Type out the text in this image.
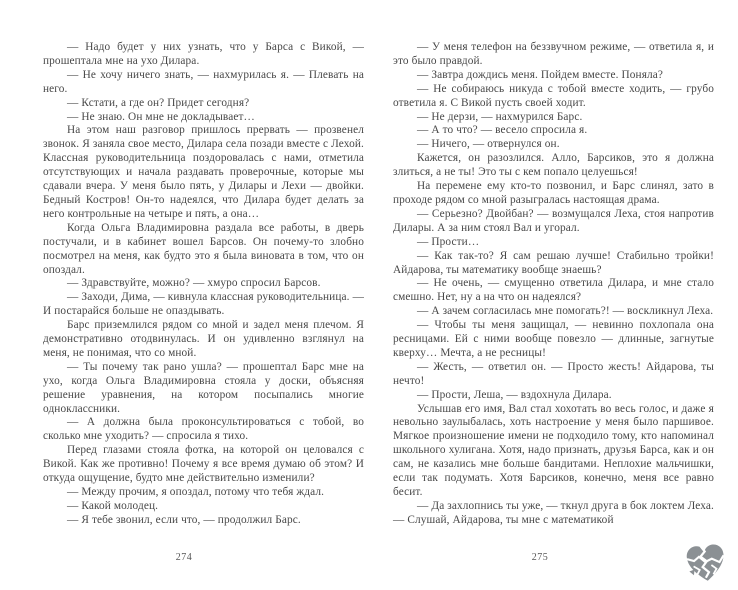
— Надо будет у них узнать, что у Барса с Викой, — прошептала мне на ухо Дилара.

— Не хочу ничего знать, — нахмурилась я. — Плевать на него.

— Кстати, а где он? Придет сегодня?

— Не знаю. Он мне не докладывает…

На этом наш разговор пришлось прервать — прозвенел звонок. Я заняла свое место, Дилара села позади вместе с Лехой. Классная руководительница поздоровалась с нами, отметила отсутствующих и начала раздавать проверочные, которые мы сдавали вчера. У меня было пять, у Дилары и Лехи — двойки. Бедный Костров! Он-то надеялся, что Дилара будет делать за него контрольные на четыре и пять, а она…

Когда Ольга Владимировна раздала все работы, в дверь постучали, и в кабинет вошел Барсов. Он почему-то злобно посмотрел на меня, как будто это я была виновата в том, что он опоздал.

— Здравствуйте, можно? — хмуро спросил Барсов.

— Заходи, Дима, — кивнула классная руководительница. — И постарайся больше не опаздывать.

Барс приземлился рядом со мной и задел меня плечом. Я демонстративно отодвинулась. И он удивленно взглянул на меня, не понимая, что со мной.

— Ты почему так рано ушла? — прошептал Барс мне на ухо, когда Ольга Владимировна стояла у доски, объясняя решение уравнения, на котором посыпались многие одноклассники.

— А должна была проконсультироваться с тобой, во сколько мне уходить? — спросила я тихо.

Перед глазами стояла фотка, на которой он целовался с Викой. Как же противно! Почему я все время думаю об этом? И откуда ощущение, будто мне действительно изменили?

— Между прочим, я опоздал, потому что тебя ждал.

— Какой молодец.

— Я тебе звонил, если что, — продолжил Барс.

— У меня телефон на беззвучном режиме, — ответила я, и это было правдой.

— Завтра дождись меня. Пойдем вместе. Поняла?

— Не собираюсь никуда с тобой вместе ходить, — грубо ответила я. С Викой пусть своей ходит.

— Не дерзи, — нахмурился Барс.

— А то что? — весело спросила я.

— Ничего, — отвернулся он.

Кажется, он разозлился. Алло, Барсиков, это я должна злиться, а не ты! Это ты с кем попало целуешься!

На перемене ему кто-то позвонил, и Барс слинял, зато в проходе рядом со мной разыгралась настоящая драма.

— Серьезно? Двойбан? — возмущался Леха, стоя напротив Дилары. А за ним стоял Вал и угорал.

— Прости…

— Как так-то? Я сам решаю лучше! Стабильно тройки! Айдарова, ты математику вообще знаешь?

— Не очень, — смущенно ответила Дилара, и мне стало смешно. Нет, ну а на что он надеялся?

— А зачем согласилась мне помогать?! — воскликнул Леха.

— Чтобы ты меня защищал, — невинно похлопала она ресницами. Ей с ними вообще повезло — длинные, загнутые кверху… Мечта, а не ресницы!

— Жесть, — ответил он. — Просто жесть! Айдарова, ты нечто!

— Прости, Леша, — вздохнула Дилара.

Услышав его имя, Вал стал хохотать во весь голос, и даже я невольно заулыбалась, хоть настроение у меня было паршивое. Мягкое произношение имени не подходило тому, кто напоминал школьного хулигана. Хотя, надо признать, друзья Барса, как и он сам, не казались мне больше бандитами. Неплохие мальчишки, если так подумать. Хотя Барсиков, конечно, меня все равно бесит.

— Да захлопнись ты уже, — ткнул друга в бок локтем Леха. — Слушай, Айдарова, ты мне с математикой

274	275
